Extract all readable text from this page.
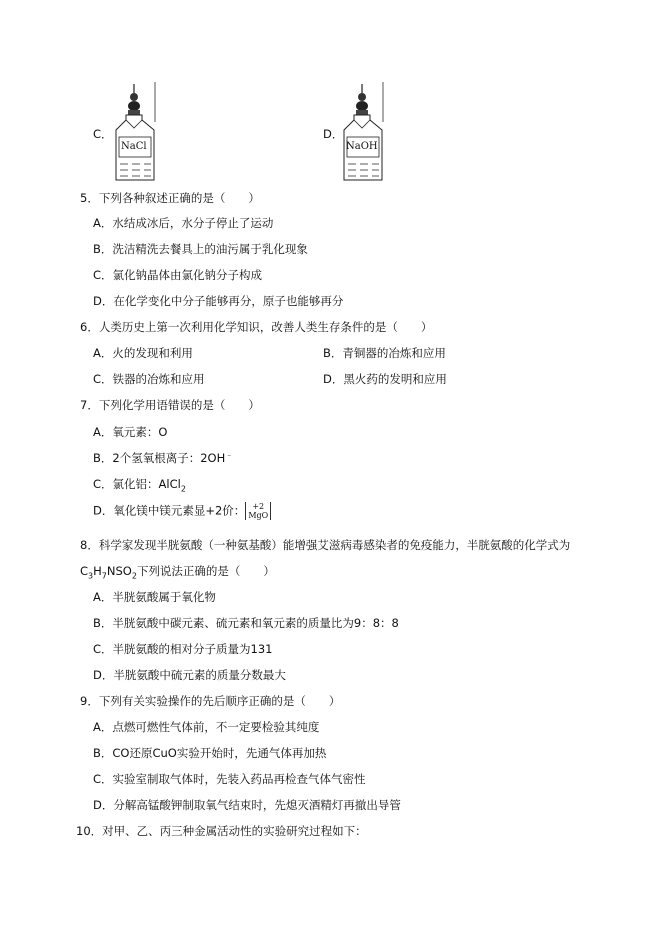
C．
NaCl
D．
NaOH
5．下列各种叙述正确的是（　　）
A．水结成冰后，水分子停止了运动
B．洗洁精洗去餐具上的油污属于乳化现象
C．氯化钠晶体由氯化钠分子构成
D．在化学变化中分子能够再分，原子也能够再分
6．人类历史上第一次利用化学知识，改善人类生存条件的是（　　）
A．火的发现和利用	B．青铜器的冶炼和应用
C．铁器的冶炼和应用	D．黑火药的发明和应用
7．下列化学用语错误的是（　　）
A．氧元素：O
B．2个氢氧根离子：2OH﹣
C．氯化铝：AlCl$_2$
D．氧化镁中镁元素显+2价： +2
MgO
8．科学家发现半胱氨酸（一种氨基酸）能增强艾滋病毒感染者的免疫能力，半胱氨酸的化学式为
$C_3H_7NSO_2$下列说法正确的是（　　）
A．半胱氨酸属于氧化物
B．半胱氨酸中碳元素、硫元素和氧元素的质量比为9：8：8
C．半胱氨酸的相对分子质量为131
D．半胱氨酸中硫元素的质量分数最大
9．下列有关实验操作的先后顺序正确的是（　　）
A．点燃可燃性气体前，不一定要检验其纯度
B．CO还原CuO实验开始时，先通气体再加热
C．实验室制取气体时，先装入药品再检查气体气密性
D．分解高锰酸钾制取氧气结束时，先熄灭酒精灯再撤出导管
10．对甲、乙、丙三种金属活动性的实验研究过程如下：
